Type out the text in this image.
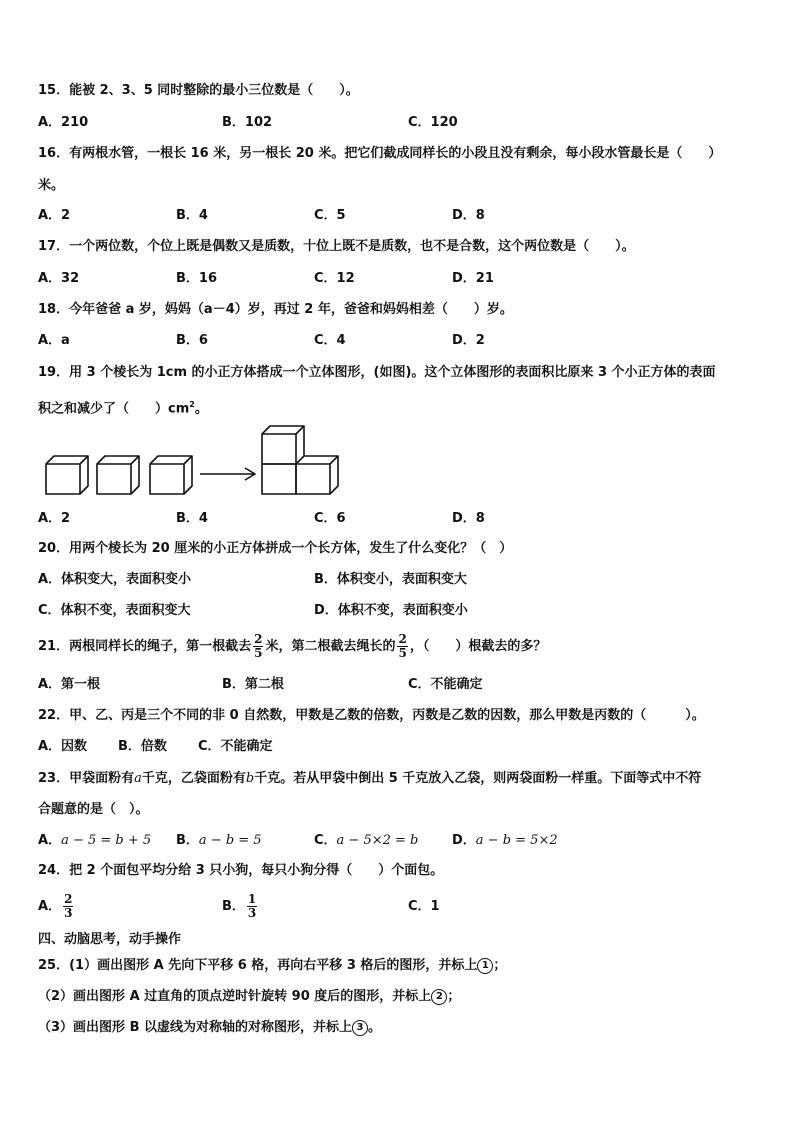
15．能被 2、3、5 同时整除的最小三位数是（　　）。
A．210	B．102	C．120
16．有两根水管，一根长 16 米，另一根长 20 米。把它们截成同样长的小段且没有剩余，每小段水管最长是（　　）
米。
A．2	B．4	C．5	D．8
17．一个两位数，个位上既是偶数又是质数，十位上既不是质数，也不是合数，这个两位数是（　　）。
A．32	B．16	C．12	D．21
18．今年爸爸 a 岁，妈妈（a－4）岁，再过 2 年，爸爸和妈妈相差（　　）岁。
A．a	B．6	C．4	D．2
19．用 3 个棱长为 1cm 的小正方体搭成一个立体图形，(如图)。这个立体图形的表面积比原来 3 个小正方体的表面
积之和减少了（　　）$cm^2$。
A．2	B．4	C．6	D．8
20．用两个棱长为 20 厘米的小正方体拼成一个长方体，发生了什么变化？（　）
A．体积变大，表面积变小	B．体积变小，表面积变大
C．体积不变，表面积变大	D．体积不变，表面积变小
21．两根同样长的绳子，第一根截去 $\frac{2}{5}$ 米，第二根截去绳长的 $\frac{2}{5}$ ，（　　）根截去的多？
A．第一根	B．第二根	C．不能确定
22．甲、乙、丙是三个不同的非 0 自然数，甲数是乙数的倍数，丙数是乙数的因数，那么甲数是丙数的（　　　）。
A．因数 B．倍数 C．不能确定
23．甲袋面粉有a千克，乙袋面粉有b千克。若从甲袋中倒出 5 千克放入乙袋，则两袋面粉一样重。下面等式中不符
合题意的是（　）。
A．a − 5 = b + 5 B．a − b = 5	C．a − 5×2 = b	D．a − b = 5×2
24．把 2 个面包平均分给 3 只小狗，每只小狗分得（　　）个面包。
A． $\frac{2}{3}$	B． $\frac{1}{3}$	C．1
四、动脑思考，动手操作
25．(1）画出图形 A 先向下平移 6 格，再向右平移 3 格后的图形，并标上 1 ；
（2）画出图形 A 过直角的顶点逆时针旋转 90 度后的图形，并标上 2 ；
（3）画出图形 B 以虚线为对称轴的对称图形，并标上 3 。
